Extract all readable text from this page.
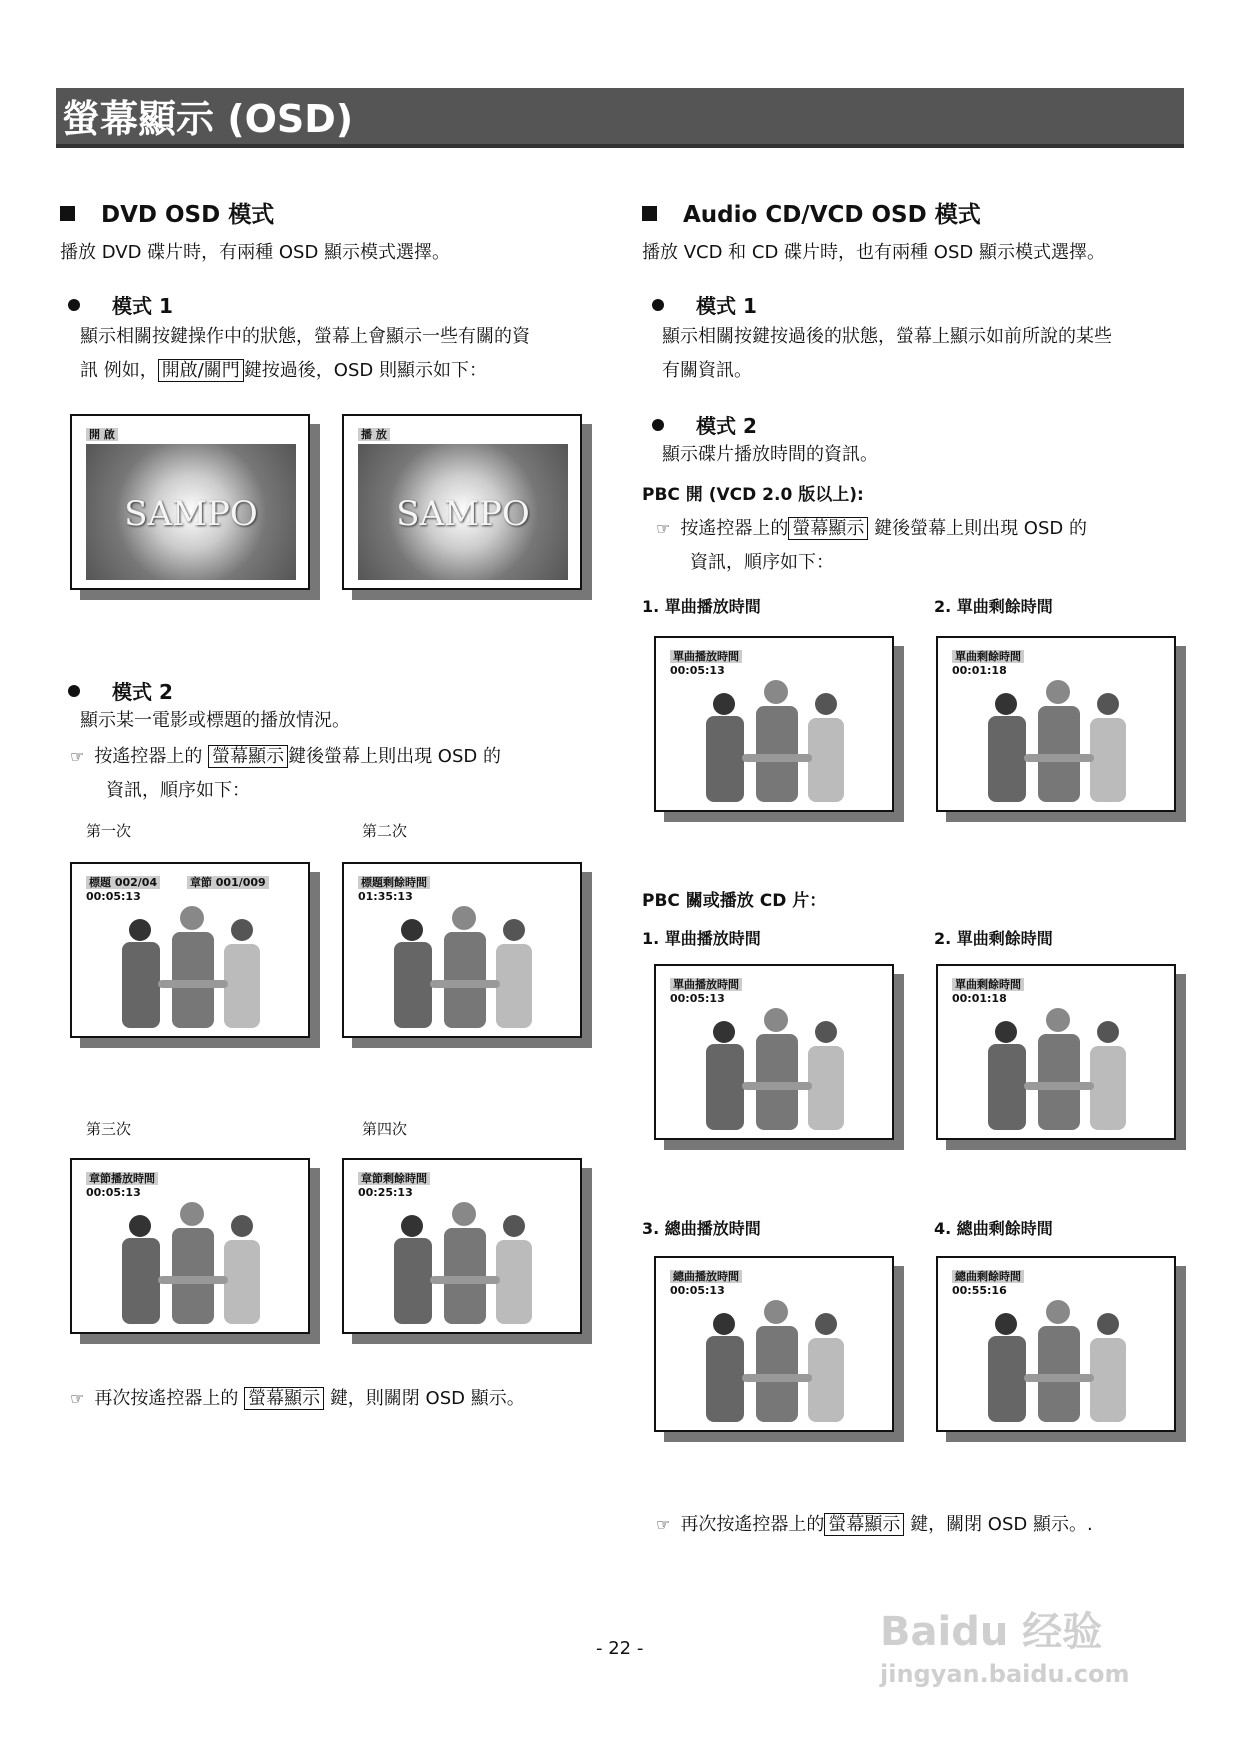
螢幕顯示 (OSD)
DVD OSD 模式
播放 DVD 碟片時，有兩種 OSD 顯示模式選擇。
模式 1
顯示相關按鍵操作中的狀態，螢幕上會顯示一些有關的資
訊 例如， 開啟/關門 鍵按過後，OSD 則顯示如下：
開 啟
SAMPO
播 放
SAMPO
模式 2
顯示某一電影或標題的播放情況。
☞ 按遙控器上的 螢幕顯示 鍵後螢幕上則出現 OSD 的
資訊，順序如下：
第一次	第二次
標題 002/04	章節 001/009
00:05:13
標題剩餘時間
01:35:13
第三次	第四次
章節播放時間
00:05:13
章節剩餘時間
00:25:13
☞ 再次按遙控器上的 螢幕顯示 鍵，則關閉 OSD 顯示。
Audio CD/VCD OSD 模式
播放 VCD 和 CD 碟片時，也有兩種 OSD 顯示模式選擇。
模式 1
顯示相關按鍵按過後的狀態，螢幕上顯示如前所說的某些
有關資訊。
模式 2
顯示碟片播放時間的資訊。
PBC 開 (VCD 2.0 版以上):
☞ 按遙控器上的 螢幕顯示 鍵後螢幕上則出現 OSD 的
資訊，順序如下：
1. 單曲播放時間	2. 單曲剩餘時間
單曲播放時間
00:05:13
單曲剩餘時間
00:01:18
PBC 關或播放 CD 片：
1. 單曲播放時間	2. 單曲剩餘時間
單曲播放時間
00:05:13
單曲剩餘時間
00:01:18
3. 總曲播放時間	4. 總曲剩餘時間
總曲播放時間
00:05:13
總曲剩餘時間
00:55:16
☞ 再次按遙控器上的 螢幕顯示 鍵，關閉 OSD 顯示。.
- 22 -	Baidu 经验
jingyan.baidu.com
